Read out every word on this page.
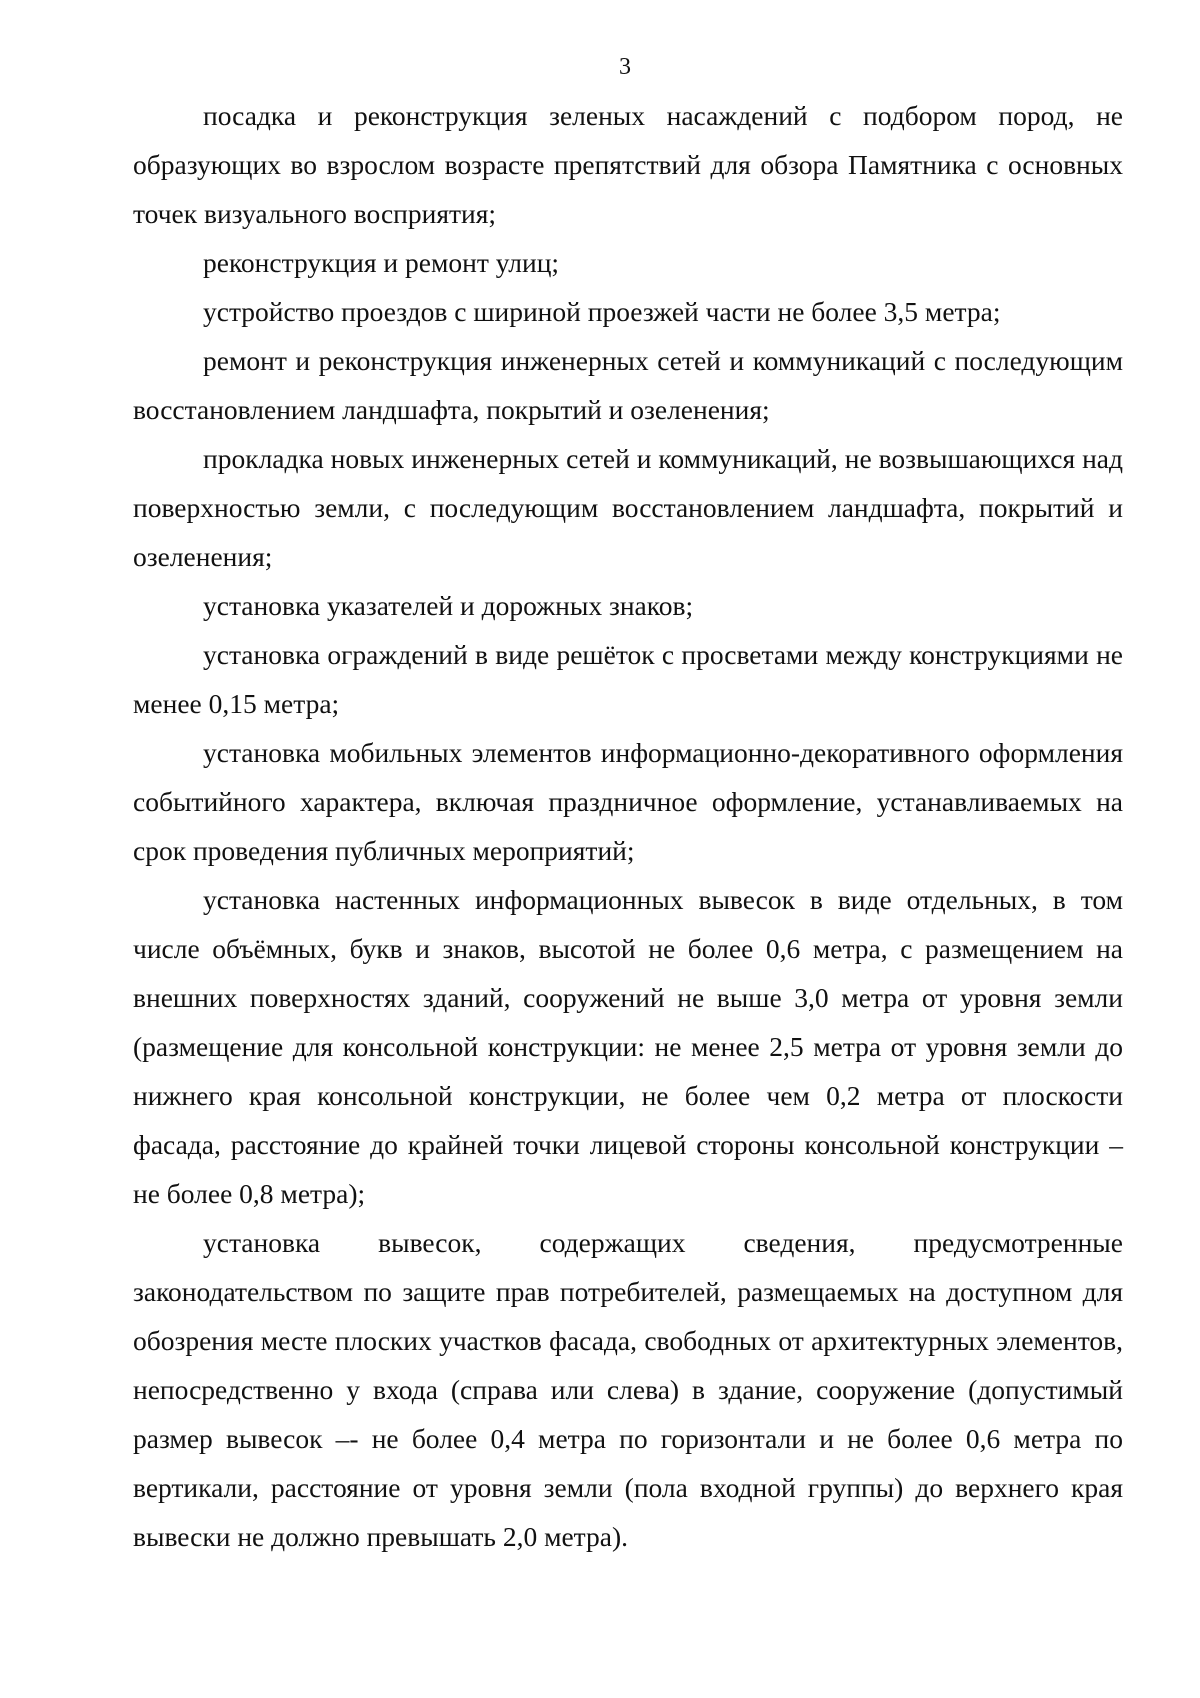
3

посадка и реконструкция зеленых насаждений с подбором пород, не образующих во взрослом возрасте препятствий для обзора Памятника с основных точек визуального восприятия;

реконструкция и ремонт улиц;

устройство проездов с шириной проезжей части не более 3,5 метра;

ремонт и реконструкция инженерных сетей и коммуникаций с последующим восстановлением ландшафта, покрытий и озеленения;

прокладка новых инженерных сетей и коммуникаций, не возвышающихся над поверхностью земли, с последующим восстановлением ландшафта, покрытий и озеленения;

установка указателей и дорожных знаков;

установка ограждений в виде решёток с просветами между конструкциями не менее 0,15 метра;

установка мобильных элементов информационно-декоративного оформления событийного характера, включая праздничное оформление, устанавливаемых на срок проведения публичных мероприятий;

установка настенных информационных вывесок в виде отдельных, в том числе объёмных, букв и знаков, высотой не более 0,6 метра, с размещением на внешних поверхностях зданий, сооружений не выше 3,0 метра от уровня земли (размещение для консольной конструкции: не менее 2,5 метра от уровня земли до нижнего края консольной конструкции, не более чем 0,2 метра от плоскости фасада, расстояние до крайней точки лицевой стороны консольной конструкции – не более 0,8 метра);

установка вывесок, содержащих сведения, предусмотренные законодательством по защите прав потребителей, размещаемых на доступном для обозрения месте плоских участков фасада, свободных от архитектурных элементов, непосредственно у входа (справа или слева) в здание, сооружение (допустимый размер вывесок –- не более 0,4 метра по горизонтали и не более 0,6 метра по вертикали, расстояние от уровня земли (пола входной группы) до верхнего края вывески не должно превышать 2,0 метра).
